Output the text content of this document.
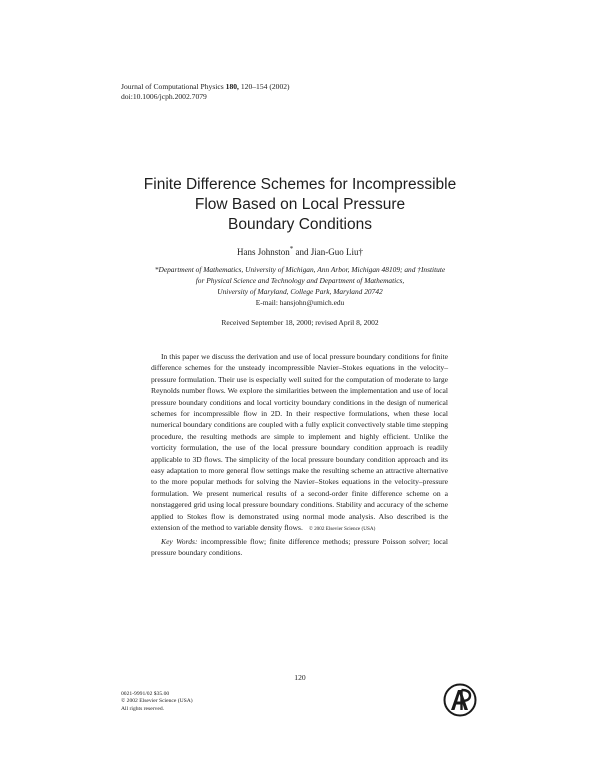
Journal of Computational Physics 180, 120–154 (2002)
doi:10.1006/jcph.2002.7079
Finite Difference Schemes for Incompressible
Flow Based on Local Pressure
Boundary Conditions
Hans Johnston* and Jian-Guo Liu†
*Department of Mathematics, University of Michigan, Ann Arbor, Michigan 48109; and †Institute
for Physical Science and Technology and Department of Mathematics,
University of Maryland, College Park, Maryland 20742
E-mail: hansjohn@umich.edu
Received September 18, 2000; revised April 8, 2002

In this paper we discuss the derivation and use of local pressure boundary conditions for finite difference schemes for the unsteady incompressible Navier–Stokes equations in the velocity–pressure formulation. Their use is especially well suited for the computation of moderate to large Reynolds number flows. We explore the similarities between the implementation and use of local pressure boundary conditions and local vorticity boundary conditions in the design of numerical schemes for incompressible flow in 2D. In their respective formulations, when these local numerical boundary conditions are coupled with a fully explicit convectively stable time stepping procedure, the resulting methods are simple to implement and highly efficient. Unlike the vorticity formulation, the use of the local pressure boundary condition approach is readily applicable to 3D flows. The simplicity of the local pressure boundary condition approach and its easy adaptation to more general flow settings make the resulting scheme an attractive alternative to the more popular methods for solving the Navier–Stokes equations in the velocity–pressure formulation. We present numerical results of a second-order finite difference scheme on a nonstaggered grid using local pressure boundary conditions. Stability and accuracy of the scheme applied to Stokes flow is demonstrated using normal mode analysis. Also described is the extension of the method to variable density flows. © 2002 Elsevier Science (USA)

Key Words: incompressible flow; finite difference methods; pressure Poisson solver; local pressure boundary conditions.

120
0021-9991/02 $35.00
© 2002 Elsevier Science (USA)
All rights reserved.
